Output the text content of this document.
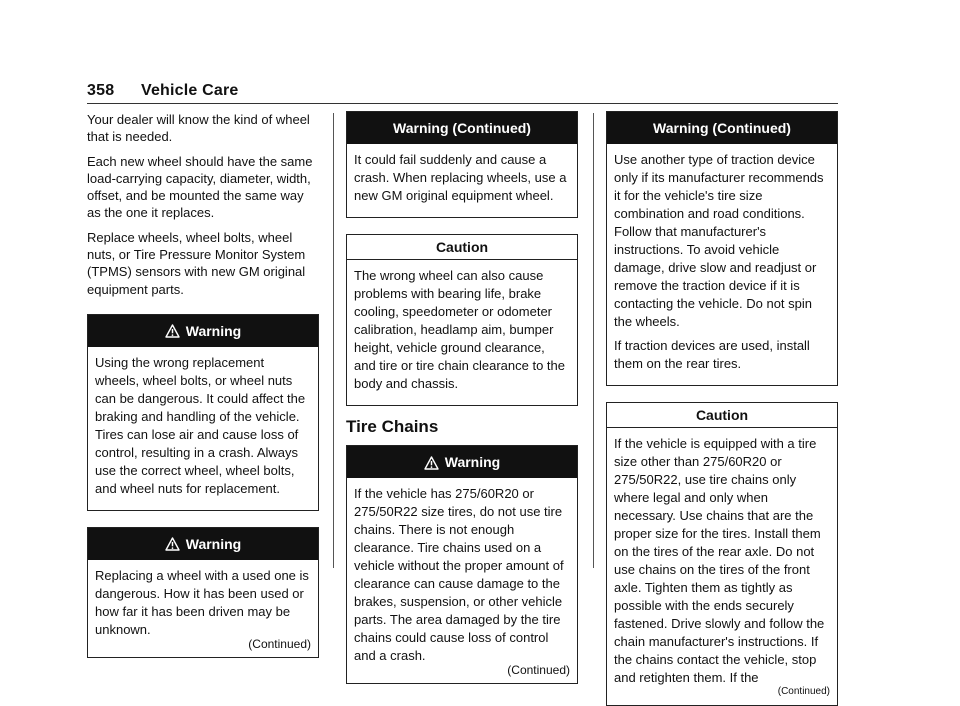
358 Vehicle Care

Your dealer will know the kind of wheel that is needed.

Each new wheel should have the same load-carrying capacity, diameter, width, offset, and be mounted the same way as the one it replaces.

Replace wheels, wheel bolts, wheel nuts, or Tire Pressure Monitor System (TPMS) sensors with new GM original equipment parts.

Warning

Using the wrong replacement wheels, wheel bolts, or wheel nuts can be dangerous. It could affect the braking and handling of the vehicle. Tires can lose air and cause loss of control, resulting in a crash. Always use the correct wheel, wheel bolts, and wheel nuts for replacement.

Warning

Replacing a wheel with a used one is dangerous. How it has been used or how far it has been driven may be unknown.

(Continued)
Warning (Continued)

It could fail suddenly and cause a crash. When replacing wheels, use a new GM original equipment wheel.

Caution

The wrong wheel can also cause problems with bearing life, brake cooling, speedometer or odometer calibration, headlamp aim, bumper height, vehicle ground clearance, and tire or tire chain clearance to the body and chassis.

Tire Chains
Warning

If the vehicle has 275/60R20 or 275/50R22 size tires, do not use tire chains. There is not enough clearance. Tire chains used on a vehicle without the proper amount of clearance can cause damage to the brakes, suspension, or other vehicle parts. The area damaged by the tire chains could cause loss of control and a crash.

(Continued)
Warning (Continued)

Use another type of traction device only if its manufacturer recommends it for the vehicle's tire size combination and road conditions. Follow that manufacturer's instructions. To avoid vehicle damage, drive slow and readjust or remove the traction device if it is contacting the vehicle. Do not spin the wheels.

If traction devices are used, install them on the rear tires.

Caution

If the vehicle is equipped with a tire size other than 275/60R20 or 275/50R22, use tire chains only where legal and only when necessary. Use chains that are the proper size for the tires. Install them on the tires of the rear axle. Do not use chains on the tires of the front axle. Tighten them as tightly as possible with the ends securely fastened. Drive slowly and follow the chain manufacturer's instructions. If the chains contact the vehicle, stop and retighten them. If the

(Continued)
